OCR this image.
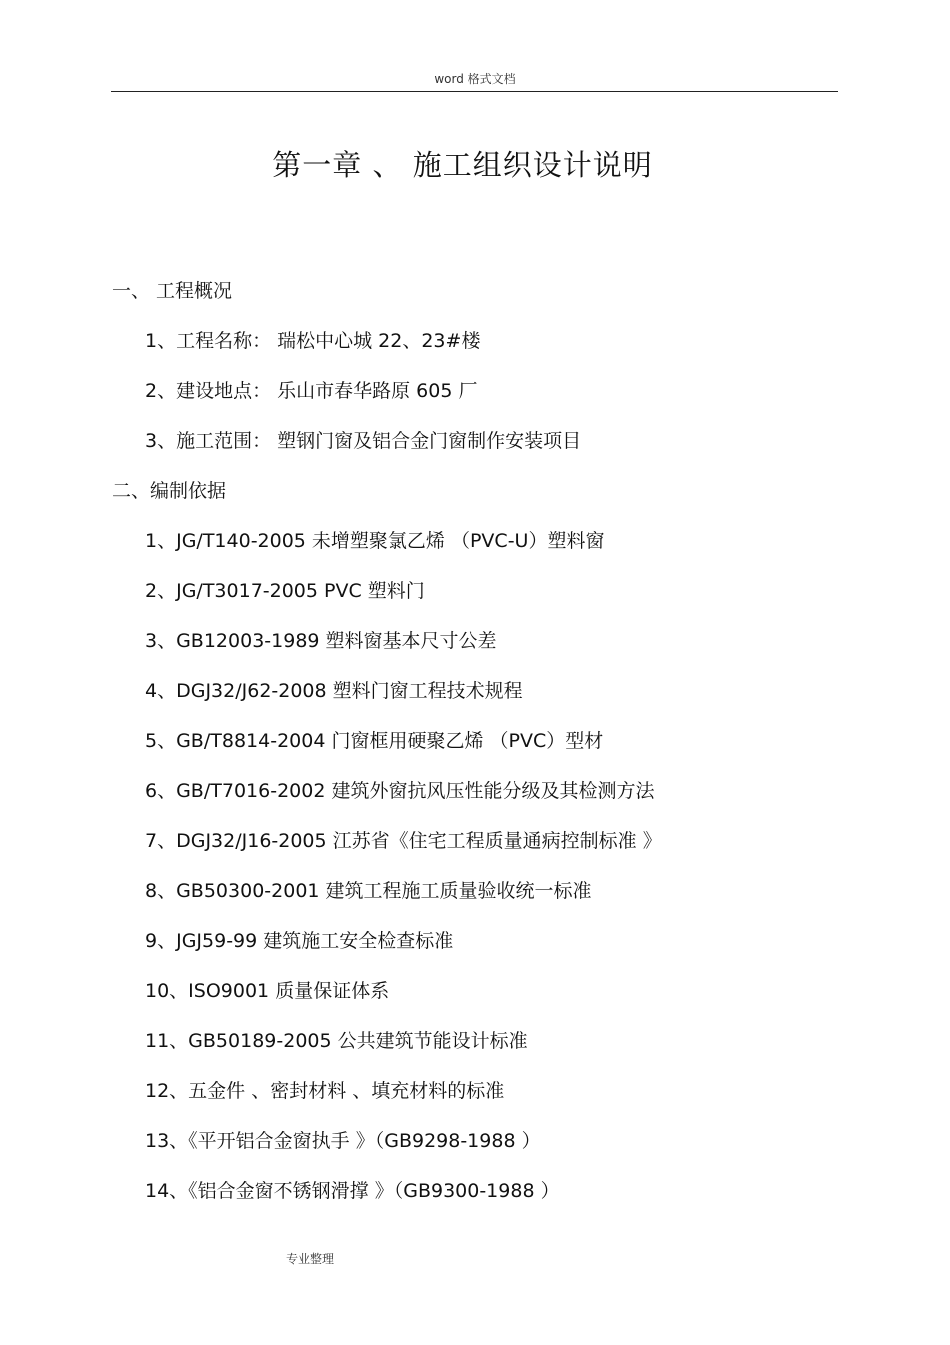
word 格式文档
第一章 、 施工组织设计说明
一、 工程概况
1、工程名称： 瑞松中心城 22、23#楼
2、建设地点： 乐山市春华路原 605 厂
3、施工范围： 塑钢门窗及铝合金门窗制作安装项目
二、编制依据
1、JG/T140-2005 未增塑聚氯乙烯 （PVC-U）塑料窗
2、JG/T3017-2005 PVC 塑料门
3、GB12003-1989 塑料窗基本尺寸公差
4、DGJ32/J62-2008 塑料门窗工程技术规程
5、GB/T8814-2004 门窗框用硬聚乙烯 （PVC）型材
6、GB/T7016-2002 建筑外窗抗风压性能分级及其检测方法
7、DGJ32/J16-2005 江苏省《住宅工程质量通病控制标准 》
8、GB50300-2001 建筑工程施工质量验收统一标准
9、JGJ59-99 建筑施工安全检查标准
10、ISO9001 质量保证体系
11、GB50189-2005 公共建筑节能设计标准
12、五金件 、密封材料 、填充材料的标准
13、《平开铝合金窗执手 》（GB9298-1988 ）
14、《铝合金窗不锈钢滑撑 》（GB9300-1988 ）
专业整理
